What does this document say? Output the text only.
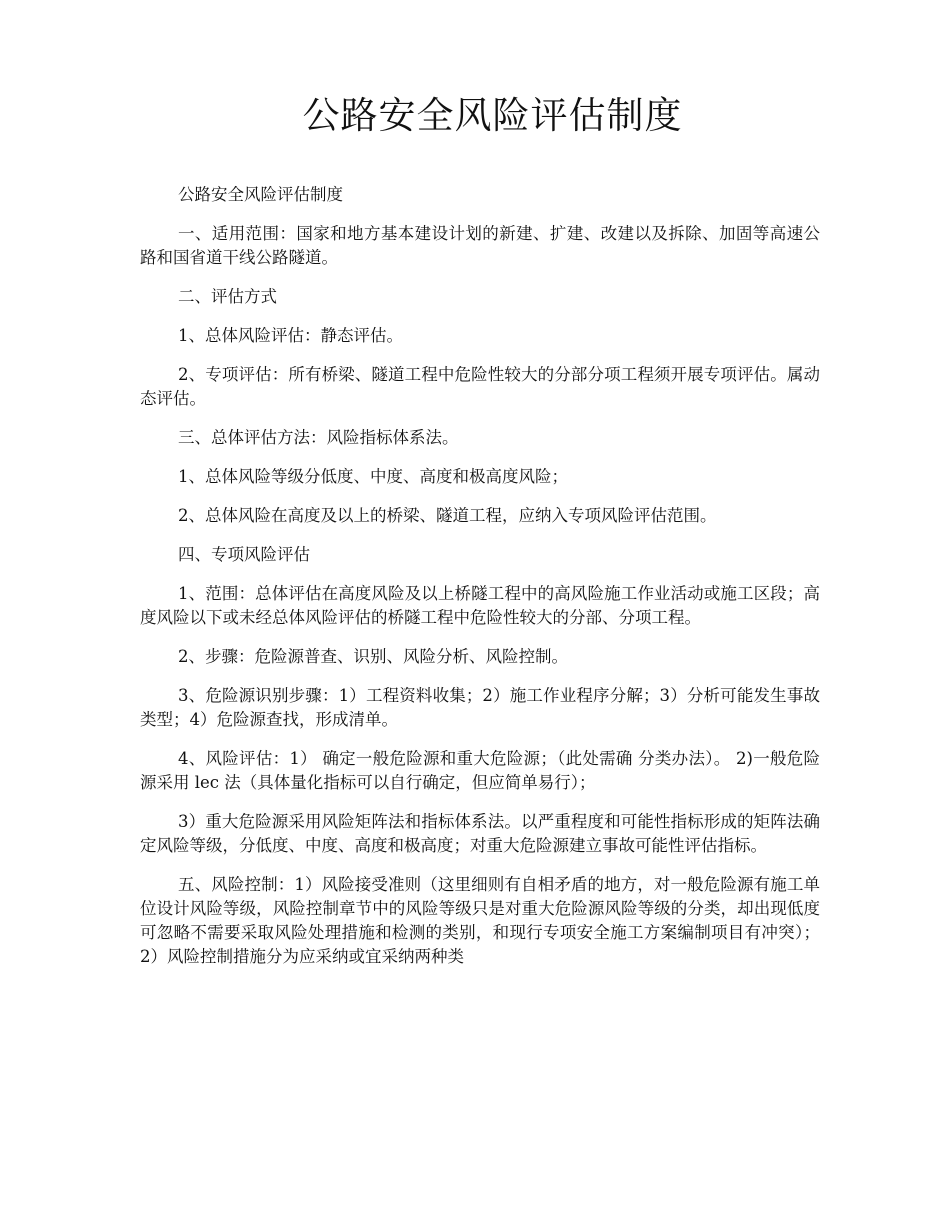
公路安全风险评估制度

公路安全风险评估制度

一、适用范围：国家和地方基本建设计划的新建、扩建、改建以及拆除、加固等高速公路和国省道干线公路隧道。

二、评估方式

1、总体风险评估：静态评估。

2、专项评估：所有桥梁、隧道工程中危险性较大的分部分项工程须开展专项评估。属动态评估。

三、总体评估方法：风险指标体系法。

1、总体风险等级分低度、中度、高度和极高度风险；

2、总体风险在高度及以上的桥梁、隧道工程，应纳入专项风险评估范围。

四、专项风险评估

1、范围：总体评估在高度风险及以上桥隧工程中的高风险施工作业活动或施工区段；高度风险以下或未经总体风险评估的桥隧工程中危险性较大的分部、分项工程。

2、步骤：危险源普查、识别、风险分析、风险控制。

3、危险源识别步骤：1）工程资料收集；2）施工作业程序分解；3）分析可能发生事故类型；4）危险源查找，形成清单。

4、风险评估：1） 确定一般危险源和重大危险源；（此处需确 分类办法）。 2)一般危险源采用 lec 法（具体量化指标可以自行确定，但应简单易行）；

3）重大危险源采用风险矩阵法和指标体系法。以严重程度和可能性指标形成的矩阵法确定风险等级，分低度、中度、高度和极高度；对重大危险源建立事故可能性评估指标。

五、风险控制：1）风险接受准则（这里细则有自相矛盾的地方，对一般危险源有施工单位设计风险等级，风险控制章节中的风险等级只是对重大危险源风险等级的分类，却出现低度可忽略不需要采取风险处理措施和检测的类别，和现行专项安全施工方案编制项目有冲突）；2）风险控制措施分为应采纳或宜采纳两种类
